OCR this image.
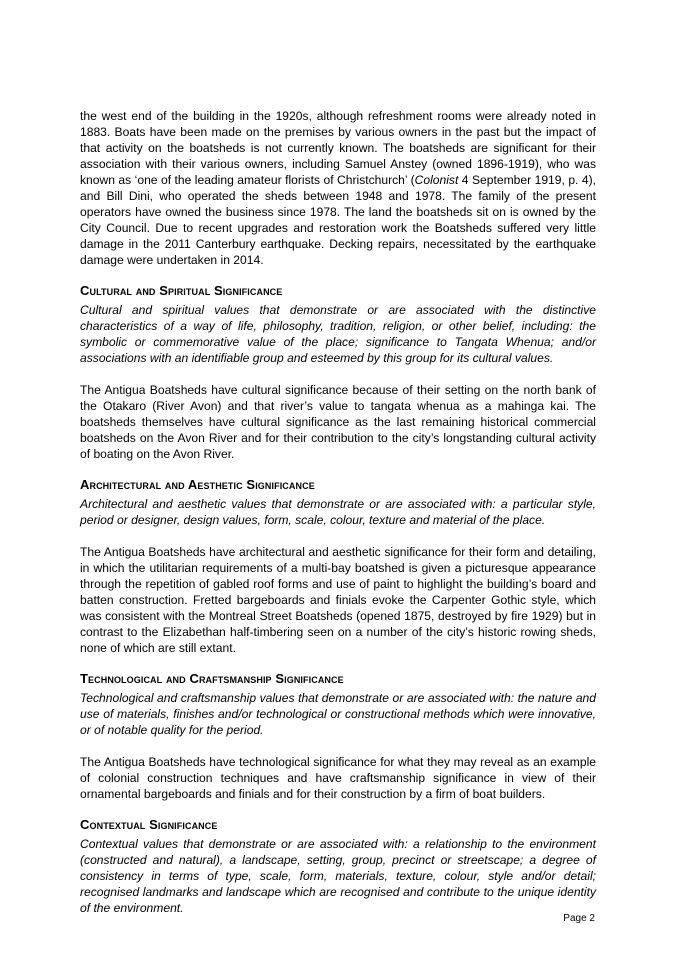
the west end of the building in the 1920s, although refreshment rooms were already noted in 1883. Boats have been made on the premises by various owners in the past but the impact of that activity on the boatsheds is not currently known. The boatsheds are significant for their association with their various owners, including Samuel Anstey (owned 1896-1919), who was known as ‘one of the leading amateur florists of Christchurch’ (Colonist 4 September 1919, p. 4), and Bill Dini, who operated the sheds between 1948 and 1978. The family of the present operators have owned the business since 1978. The land the boatsheds sit on is owned by the City Council. Due to recent upgrades and restoration work the Boatsheds suffered very little damage in the 2011 Canterbury earthquake. Decking repairs, necessitated by the earthquake damage were undertaken in 2014.

Cultural and Spiritual Significance

Cultural and spiritual values that demonstrate or are associated with the distinctive characteristics of a way of life, philosophy, tradition, religion, or other belief, including: the symbolic or commemorative value of the place; significance to Tangata Whenua; and/or associations with an identifiable group and esteemed by this group for its cultural values.

The Antigua Boatsheds have cultural significance because of their setting on the north bank of the Otakaro (River Avon) and that river’s value to tangata whenua as a mahinga kai. The boatsheds themselves have cultural significance as the last remaining historical commercial boatsheds on the Avon River and for their contribution to the city’s longstanding cultural activity of boating on the Avon River.

Architectural and Aesthetic Significance

Architectural and aesthetic values that demonstrate or are associated with: a particular style, period or designer, design values, form, scale, colour, texture and material of the place.

The Antigua Boatsheds have architectural and aesthetic significance for their form and detailing, in which the utilitarian requirements of a multi-bay boatshed is given a picturesque appearance through the repetition of gabled roof forms and use of paint to highlight the building’s board and batten construction. Fretted bargeboards and finials evoke the Carpenter Gothic style, which was consistent with the Montreal Street Boatsheds (opened 1875, destroyed by fire 1929) but in contrast to the Elizabethan half-timbering seen on a number of the city’s historic rowing sheds, none of which are still extant.

Technological and Craftsmanship Significance

Technological and craftsmanship values that demonstrate or are associated with: the nature and use of materials, finishes and/or technological or constructional methods which were innovative, or of notable quality for the period.

The Antigua Boatsheds have technological significance for what they may reveal as an example of colonial construction techniques and have craftsmanship significance in view of their ornamental bargeboards and finials and for their construction by a firm of boat builders.

Contextual Significance

Contextual values that demonstrate or are associated with: a relationship to the environment (constructed and natural), a landscape, setting, group, precinct or streetscape; a degree of consistency in terms of type, scale, form, materials, texture, colour, style and/or detail; recognised landmarks and landscape which are recognised and contribute to the unique identity of the environment.

Page 2
